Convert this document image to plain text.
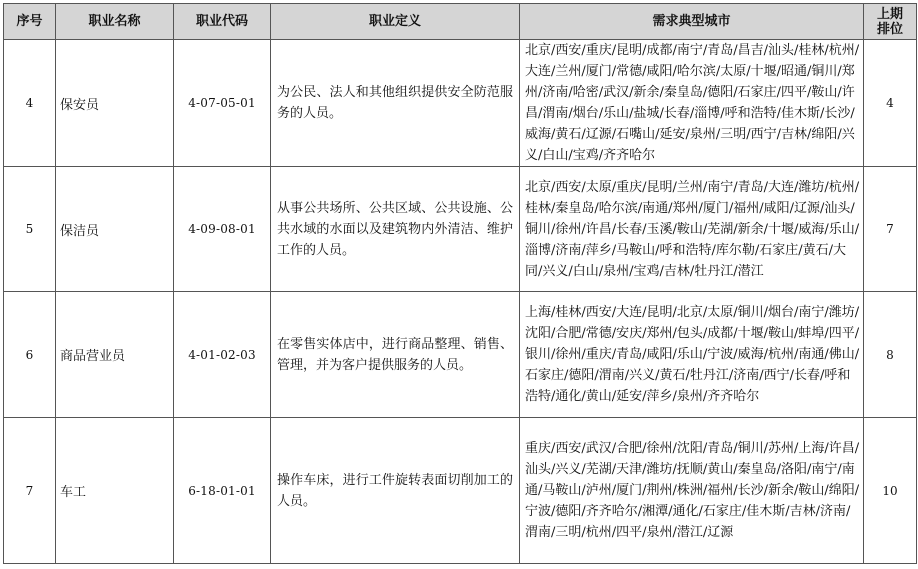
序号	职业名称	职业代码	职业定义	需求典型城市	上期
排位

4	保安员	4-07-05-01	为公民、法人和其他组织提供安全防范服务的人员。	北京/西安/重庆/昆明/成都/南宁/青岛/昌吉/汕头/桂林/杭州/大连/兰州/厦门/常德/咸阳/哈尔滨/太原/十堰/昭通/铜川/郑州/济南/哈密/武汉/新余/秦皇岛/德阳/石家庄/四平/鞍山/许昌/渭南/烟台/乐山/盐城/长春/淄博/呼和浩特/佳木斯/长沙/威海/黄石/辽源/石嘴山/延安/泉州/三明/西宁/吉林/绵阳/兴义/白山/宝鸡/齐齐哈尔	4
5	保洁员	4-09-08-01	从事公共场所、公共区域、公共设施、公共水域的水面以及建筑物内外清洁、维护工作的人员。	北京/西安/太原/重庆/昆明/兰州/南宁/青岛/大连/潍坊/杭州/桂林/秦皇岛/哈尔滨/南通/郑州/厦门/福州/咸阳/辽源/汕头/铜川/徐州/许昌/长春/玉溪/鞍山/芜湖/新余/十堰/威海/乐山/淄博/济南/萍乡/马鞍山/呼和浩特/库尔勒/石家庄/黄石/大同/兴义/白山/泉州/宝鸡/吉林/牡丹江/潜江	7
6	商品营业员	4-01-02-03	在零售实体店中，进行商品整理、销售、管理，并为客户提供服务的人员。	上海/桂林/西安/大连/昆明/北京/太原/铜川/烟台/南宁/潍坊/沈阳/合肥/常德/安庆/郑州/包头/成都/十堰/鞍山/蚌埠/四平/银川/徐州/重庆/青岛/咸阳/乐山/宁波/威海/杭州/南通/佛山/石家庄/德阳/渭南/兴义/黄石/牡丹江/济南/西宁/长春/呼和浩特/通化/黄山/延安/萍乡/泉州/齐齐哈尔	8
7	车工	6-18-01-01	操作车床，进行工件旋转表面切削加工的人员。	重庆/西安/武汉/合肥/徐州/沈阳/青岛/铜川/苏州/上海/许昌/汕头/兴义/芜湖/天津/潍坊/抚顺/黄山/秦皇岛/洛阳/南宁/南通/马鞍山/泸州/厦门/荆州/株洲/福州/长沙/新余/鞍山/绵阳/宁波/德阳/齐齐哈尔/湘潭/通化/石家庄/佳木斯/吉林/济南/渭南/三明/杭州/四平/泉州/潜江/辽源	10
